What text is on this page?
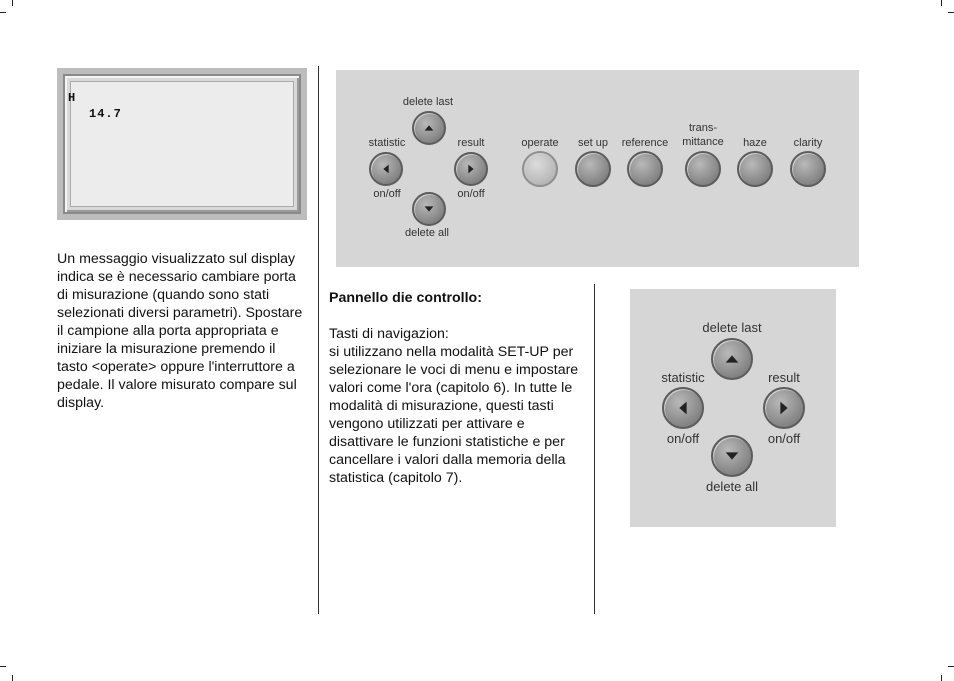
H
14.7

Un messaggio visualizzato sul display indica se è necessario cambiare porta di misurazione (quando sono stati selezionati diversi parametri). Spostare il campione alla porta appropriata e iniziare la misurazione premendo il tasto <operate> oppure l'interruttore a pedale. Il valore misurato compare sul display.

delete last
statistic	result
on/off	on/off
delete all
operate	set up	reference
trans-
mittance	haze	clarity

Pannello die controllo:

Tasti di navigazion:

si utilizzano nella modalità SET-UP per selezionare le voci di menu e impostare valori come l'ora (capitolo 6). In tutte le modalità di misurazione, questi tasti vengono utilizzati per attivare e disattivare le funzioni statistiche e per cancellare i valori dalla memoria della statistica (capitolo 7).

delete last
statistic	result
on/off	on/off
delete all
